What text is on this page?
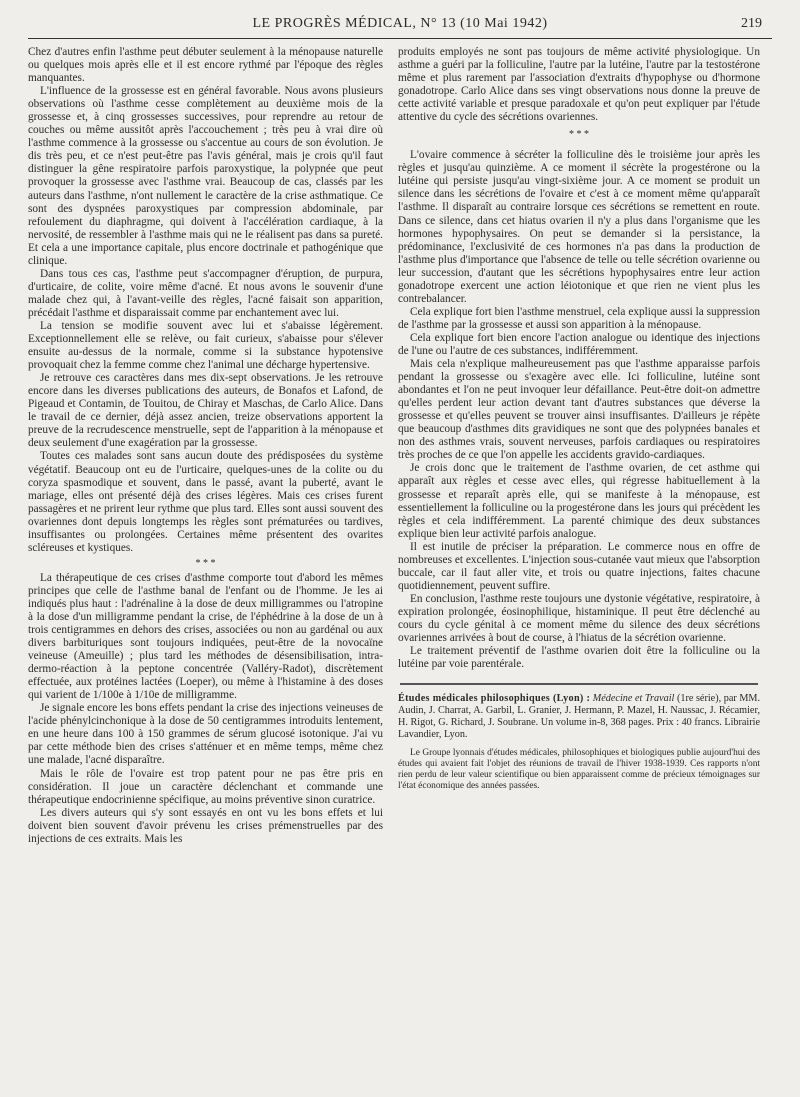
LE PROGRÈS MÉDICAL, N° 13 (10 Mai 1942)	219

Chez d'autres enfin l'asthme peut débuter seulement à la ménopause naturelle ou quelques mois après elle et il est encore rythmé par l'époque des règles manquantes.

L'influence de la grossesse est en général favorable. Nous avons plusieurs observations où l'asthme cesse complètement au deuxième mois de la grossesse et, à cinq grossesses successives, pour reprendre au retour de couches ou même aussitôt après l'accouchement ; très peu à vrai dire où l'asthme commence à la grossesse ou s'accentue au cours de son évolution. Je dis très peu, et ce n'est peut-être pas l'avis général, mais je crois qu'il faut distinguer la gêne respiratoire parfois paroxystique, la polypnée que peut provoquer la grossesse avec l'asthme vrai. Beaucoup de cas, classés par les auteurs dans l'asthme, n'ont nullement le caractère de la crise asthmatique. Ce sont des dyspnées paroxystiques par compression abdominale, par refoulement du diaphragme, qui doivent à l'accélération cardiaque, à la nervosité, de ressembler à l'asthme mais qui ne le réalisent pas dans sa pureté. Et cela a une importance capitale, plus encore doctrinale et pathogénique que clinique.

Dans tous ces cas, l'asthme peut s'accompagner d'éruption, de purpura, d'urticaire, de colite, voire même d'acné. Et nous avons le souvenir d'une malade chez qui, à l'avant-veille des règles, l'acné faisait son apparition, précédait l'asthme et disparaissait comme par enchantement avec lui.

La tension se modifie souvent avec lui et s'abaisse légèrement. Exceptionnellement elle se relève, ou fait curieux, s'abaisse pour s'élever ensuite au-dessus de la normale, comme si la substance hypotensive provoquait chez la femme comme chez l'animal une décharge hypertensive.

Je retrouve ces caractères dans mes dix-sept observations. Je les retrouve encore dans les diverses publications des auteurs, de Bonafos et Lafond, de Pigeaud et Contamin, de Touitou, de Chiray et Maschas, de Carlo Alice. Dans le travail de ce dernier, déjà assez ancien, treize observations apportent la preuve de la recrudescence menstruelle, sept de l'apparition à la ménopause et deux seulement d'une exagération par la grossesse.

Toutes ces malades sont sans aucun doute des prédisposées du système végétatif. Beaucoup ont eu de l'urticaire, quelques-unes de la colite ou du coryza spasmodique et souvent, dans le passé, avant la puberté, avant le mariage, elles ont présenté déjà des crises légères. Mais ces crises furent passagères et ne prirent leur rythme que plus tard. Elles sont aussi souvent des ovariennes dont depuis longtemps les règles sont prématurées ou tardives, insuffisantes ou prolongées. Certaines même présentent des ovarites scléreuses et kystiques.

* * *

La thérapeutique de ces crises d'asthme comporte tout d'abord les mêmes principes que celle de l'asthme banal de l'enfant ou de l'homme. Je les ai indiqués plus haut : l'adrénaline à la dose de deux milligrammes ou l'atropine à la dose d'un milligramme pendant la crise, de l'éphédrine à la dose de un à trois centigrammes en dehors des crises, associées ou non au gardénal ou aux divers barbituriques sont toujours indiquées, peut-être de la novocaïne veineuse (Ameuille) ; plus tard les méthodes de désensibilisation, intra-dermo-réaction à la peptone concentrée (Valléry-Radot), discrètement effectuée, aux protéines lactées (Loeper), ou même à l'histamine à des doses qui varient de 1/100e à 1/10e de milligramme.

Je signale encore les bons effets pendant la crise des injections veineuses de l'acide phénylcinchonique à la dose de 50 centigrammes introduits lentement, en une heure dans 100 à 150 grammes de sérum glucosé isotonique. J'ai vu par cette méthode bien des crises s'atténuer et en même temps, même chez une malade, l'acné disparaître.

Mais le rôle de l'ovaire est trop patent pour ne pas être pris en considération. Il joue un caractère déclenchant et commande une thérapeutique endocrinienne spécifique, au moins préventive sinon curatrice.

Les divers auteurs qui s'y sont essayés en ont vu les bons effets et lui doivent bien souvent d'avoir prévenu les crises prémenstruelles par des injections de ces extraits. Mais les

produits employés ne sont pas toujours de même activité physiologique. Un asthme a guéri par la folliculine, l'autre par la lutéine, l'autre par la testostérone même et plus rarement par l'association d'extraits d'hypophyse ou d'hormone gonadotrope. Carlo Alice dans ses vingt observations nous donne la preuve de cette activité variable et presque paradoxale et qu'on peut expliquer par l'étude attentive du cycle des sécrétions ovariennes.

* * *

L'ovaire commence à sécréter la folliculine dès le troisième jour après les règles et jusqu'au quinzième. A ce moment il sécrète la progestérone ou la lutéine qui persiste jusqu'au vingt-sixième jour. A ce moment se produit un silence dans les sécrétions de l'ovaire et c'est à ce moment même qu'apparaît l'asthme. Il disparaît au contraire lorsque ces sécrétions se remettent en route. Dans ce silence, dans cet hiatus ovarien il n'y a plus dans l'organisme que les hormones hypophysaires. On peut se demander si la persistance, la prédominance, l'exclusivité de ces hormones n'a pas dans la production de l'asthme plus d'importance que l'absence de telle ou telle sécrétion ovarienne ou leur succession, d'autant que les sécrétions hypophysaires entre leur action gonadotrope exercent une action léiotonique et que rien ne vient plus les contrebalancer.

Cela explique fort bien l'asthme menstruel, cela explique aussi la suppression de l'asthme par la grossesse et aussi son apparition à la ménopause.

Cela explique fort bien encore l'action analogue ou identique des injections de l'une ou l'autre de ces substances, indifféremment.

Mais cela n'explique malheureusement pas que l'asthme apparaisse parfois pendant la grossesse ou s'exagère avec elle. Ici folliculine, lutéine sont abondantes et l'on ne peut invoquer leur défaillance. Peut-être doit-on admettre qu'elles perdent leur action devant tant d'autres substances que déverse la grossesse et qu'elles peuvent se trouver ainsi insuffisantes. D'ailleurs je répète que beaucoup d'asthmes dits gravidiques ne sont que des polypnées banales et non des asthmes vrais, souvent nerveuses, parfois cardiaques ou respiratoires très proches de ce que l'on appelle les accidents gravido-cardiaques.

Je crois donc que le traitement de l'asthme ovarien, de cet asthme qui apparaît aux règles et cesse avec elles, qui régresse habituellement à la grossesse et reparaît après elle, qui se manifeste à la ménopause, est essentiellement la folliculine ou la progestérone dans les jours qui précèdent les règles et cela indifféremment. La parenté chimique des deux substances explique bien leur activité parfois analogue.

Il est inutile de préciser la préparation. Le commerce nous en offre de nombreuses et excellentes. L'injection sous-cutanée vaut mieux que l'absorption buccale, car il faut aller vite, et trois ou quatre injections, faites chacune quotidiennement, peuvent suffire.

En conclusion, l'asthme reste toujours une dystonie végétative, respiratoire, à expiration prolongée, éosinophilique, histaminique. Il peut être déclenché au cours du cycle génital à ce moment même du silence des deux sécrétions ovariennes arrivées à bout de course, à l'hiatus de la sécrétion ovarienne.

Le traitement préventif de l'asthme ovarien doit être la folliculine ou la lutéine par voie parentérale.

Études médicales philosophiques (Lyon) : Médecine et Travail (1re série), par MM. Audin, J. Charrat, A. Garbil, L. Granier, J. Hermann, P. Mazel, H. Naussac, J. Récamier, H. Rigot, G. Richard, J. Soubrane. Un volume in-8, 368 pages. Prix : 40 francs. Librairie Lavandier, Lyon.

Le Groupe lyonnais d'études médicales, philosophiques et biologiques publie aujourd'hui des études qui avaient fait l'objet des réunions de travail de l'hiver 1938-1939. Ces rapports n'ont rien perdu de leur valeur scientifique ou bien apparaissent comme de précieux témoignages sur l'état économique des années passées.
